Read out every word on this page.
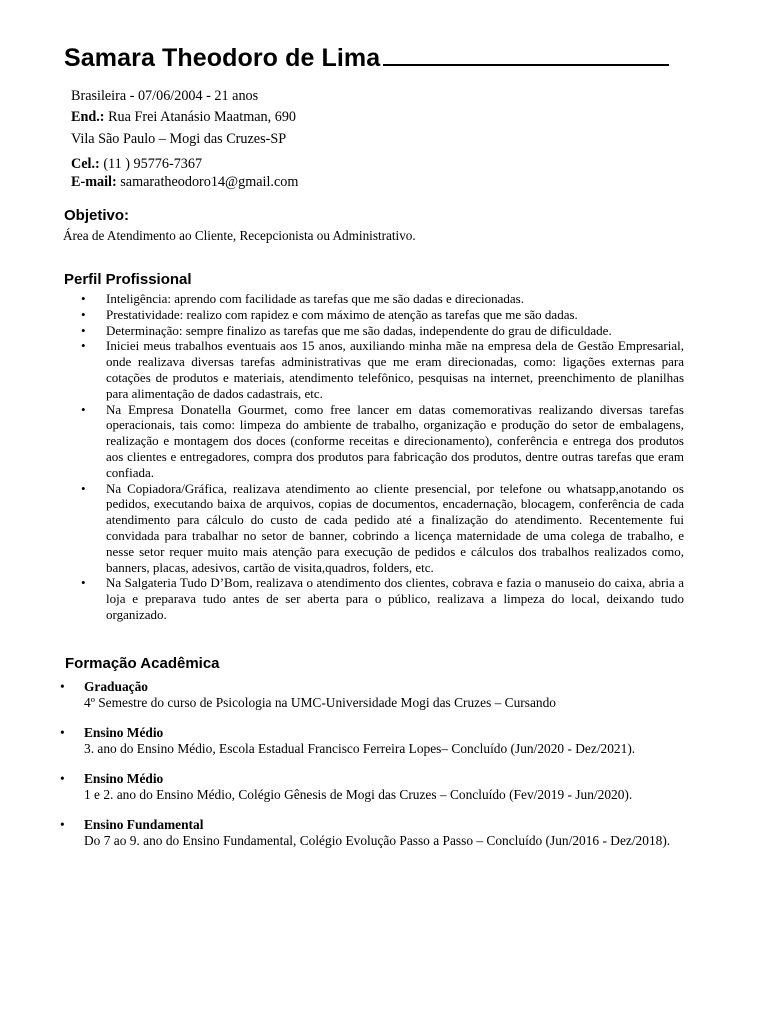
Samara Theodoro de Lima
Brasileira - 07/06/2004 - 21 anos
End.: Rua Frei Atanásio Maatman, 690
Vila São Paulo – Mogi das Cruzes-SP
Cel.: (11 ) 95776-7367
E-mail: samaratheodoro14@gmail.com
Objetivo:
Área de Atendimento ao Cliente, Recepcionista ou Administrativo.
Perfil Profissional
• Inteligência: aprendo com facilidade as tarefas que me são dadas e direcionadas.
• Prestatividade: realizo com rapidez e com máximo de atenção as tarefas que me são dadas.
• Determinação: sempre finalizo as tarefas que me são dadas, independente do grau de dificuldade.
• Iniciei meus trabalhos eventuais aos 15 anos, auxiliando minha mãe na empresa dela de Gestão Empresarial, onde realizava diversas tarefas administrativas que me eram direcionadas, como: ligações externas para cotações de produtos e materiais, atendimento telefônico, pesquisas na internet, preenchimento de planilhas para alimentação de dados cadastrais, etc.
• Na Empresa Donatella Gourmet, como free lancer em datas comemorativas realizando diversas tarefas operacionais, tais como: limpeza do ambiente de trabalho, organização e produção do setor de embalagens, realização e montagem dos doces (conforme receitas e direcionamento), conferência e entrega dos produtos aos clientes e entregadores, compra dos produtos para fabricação dos produtos, dentre outras tarefas que eram confiada.
• Na Copiadora/Gráfica, realizava atendimento ao cliente presencial, por telefone ou whatsapp,anotando os pedidos, executando baixa de arquivos, copias de documentos, encadernação, blocagem, conferência de cada atendimento para cálculo do custo de cada pedido até a finalização do atendimento. Recentemente fui convidada para trabalhar no setor de banner, cobrindo a licença maternidade de uma colega de trabalho, e nesse setor requer muito mais atenção para execução de pedidos e cálculos dos trabalhos realizados como, banners, placas, adesivos, cartão de visita,quadros, folders, etc.
• Na Salgateria Tudo D’Bom, realizava o atendimento dos clientes, cobrava e fazia o manuseio do caixa, abria a loja e preparava tudo antes de ser aberta para o público, realizava a limpeza do local, deixando tudo organizado.
Formação Acadêmica
• Graduação
4º Semestre do curso de Psicologia na UMC-Universidade Mogi das Cruzes – Cursando
• Ensino Médio
3. ano do Ensino Médio, Escola Estadual Francisco Ferreira Lopes– Concluído (Jun/2020 - Dez/2021).
• Ensino Médio
1 e 2. ano do Ensino Médio, Colégio Gênesis de Mogi das Cruzes – Concluído (Fev/2019 - Jun/2020).
• Ensino Fundamental
Do 7 ao 9. ano do Ensino Fundamental, Colégio Evolução Passo a Passo – Concluído (Jun/2016 - Dez/2018).
